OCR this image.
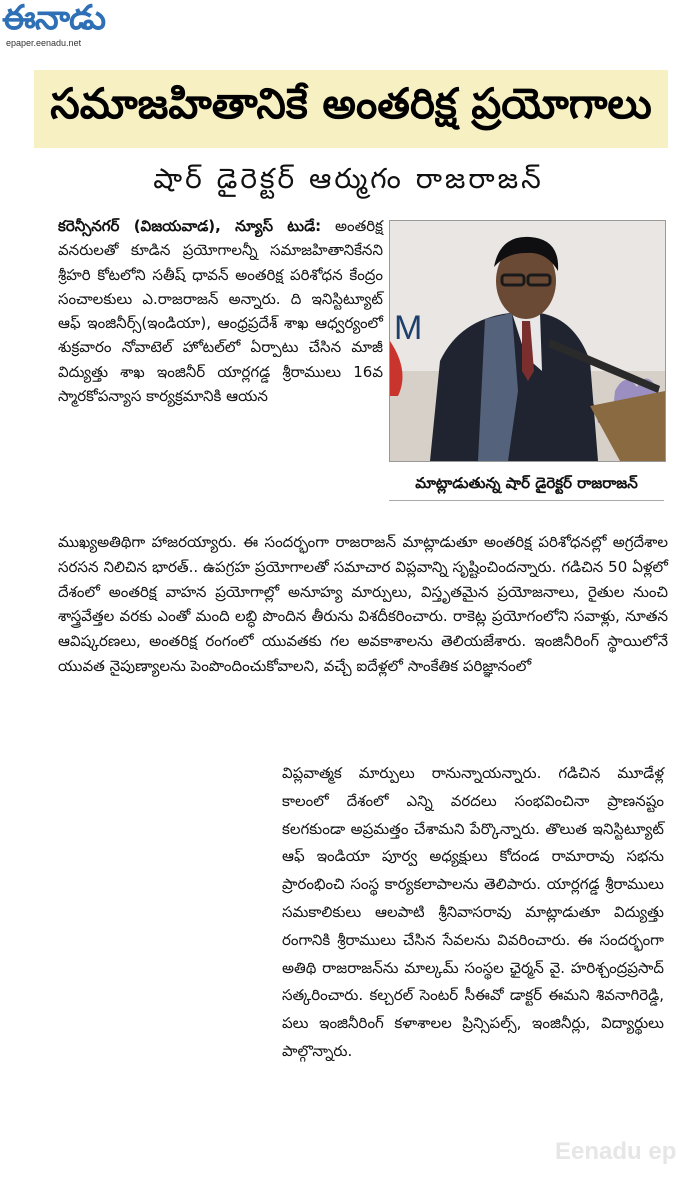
ఈనాడు
epaper.eenadu.net
సమాజహితానికే అంతరిక్ష ప్రయోగాలు
షార్ డైరెక్టర్ ఆర్ముగం రాజరాజన్

కరెన్సీనగర్ (విజయవాడ), న్యూస్ టుడే: అంతరిక్ష వనరులతో కూడిన ప్రయోగాలన్నీ సమాజహితానికేనని శ్రీహరి కోటలోని సతీష్ ధావన్ అంతరిక్ష పరిశోధన కేంద్రం సంచాలకులు ఎ.రాజరాజన్ అన్నారు. ది ఇనిస్టిట్యూట్ ఆఫ్ ఇంజినీర్స్(ఇండియా), ఆంధ్రప్రదేశ్ శాఖ ఆధ్వర్యంలో శుక్రవారం నోవాటెల్ హోటల్‌లో ఏర్పాటు చేసిన మాజీ విద్యుత్తు శాఖ ఇంజినీర్ యార్లగడ్డ శ్రీరాములు 16వ స్మారకోపన్యాస కార్యక్రమానికి ఆయన

M
మాట్లాడుతున్న షార్ డైరెక్టర్ రాజరాజన్

ముఖ్యఅతిథిగా హాజరయ్యారు. ఈ సందర్భంగా రాజరాజన్ మాట్లాడుతూ అంతరిక్ష పరిశోధనల్లో అగ్రదేశాల సరసన నిలిచిన భారత్.. ఉపగ్రహ ప్రయోగాలతో సమాచార విప్లవాన్ని సృష్టించిందన్నారు. గడిచిన 50 ఏళ్లలో దేశంలో అంతరిక్ష వాహన ప్రయోగాల్లో అనూహ్య మార్పులు, విస్తృతమైన ప్రయోజనాలు, రైతుల నుంచి శాస్త్రవేత్తల వరకు ఎంతో మంది లబ్ధి పొందిన తీరును విశదీకరించారు. రాకెట్ల ప్రయోగంలోని సవాళ్లు, నూతన ఆవిష్కరణలు, అంతరిక్ష రంగంలో యువతకు గల అవకాశాలను తెలియజేశారు. ఇంజినీరింగ్ స్థాయిలోనే యువత నైపుణ్యాలను పెంపొందించుకోవాలని, వచ్చే ఐదేళ్లలో సాంకేతిక పరిజ్ఞానంలో

విప్లవాత్మక మార్పులు రానున్నాయన్నారు. గడిచిన మూడేళ్ల కాలంలో దేశంలో ఎన్ని వరదలు సంభవించినా ప్రాణనష్టం కలగకుండా అప్రమత్తం చేశామని పేర్కొన్నారు. తొలుత ఇనిస్టిట్యూట్ ఆఫ్ ఇండియా పూర్వ అధ్యక్షులు కోదండ రామారావు సభను ప్రారంభించి సంస్థ కార్యకలాపాలను తెలిపారు. యార్లగడ్డ శ్రీరాములు సమకాలికులు ఆలపాటి శ్రీనివాసరావు మాట్లాడుతూ విద్యుత్తు రంగానికి శ్రీరాములు చేసిన సేవలను వివరించారు. ఈ సందర్భంగా అతిథి రాజరాజన్‌ను మాల్కమ్ సంస్థల ఛైర్మన్ వై. హరిశ్చంద్రప్రసాద్ సత్కరించారు. కల్చరల్ సెంటర్ సీఈవో డాక్టర్ ఈమని శివనాగిరెడ్డి, పలు ఇంజినీరింగ్ కళాశాలల ప్రిన్సిపల్స్, ఇంజినీర్లు, విద్యార్థులు పాల్గొన్నారు.

Eenadu ep
